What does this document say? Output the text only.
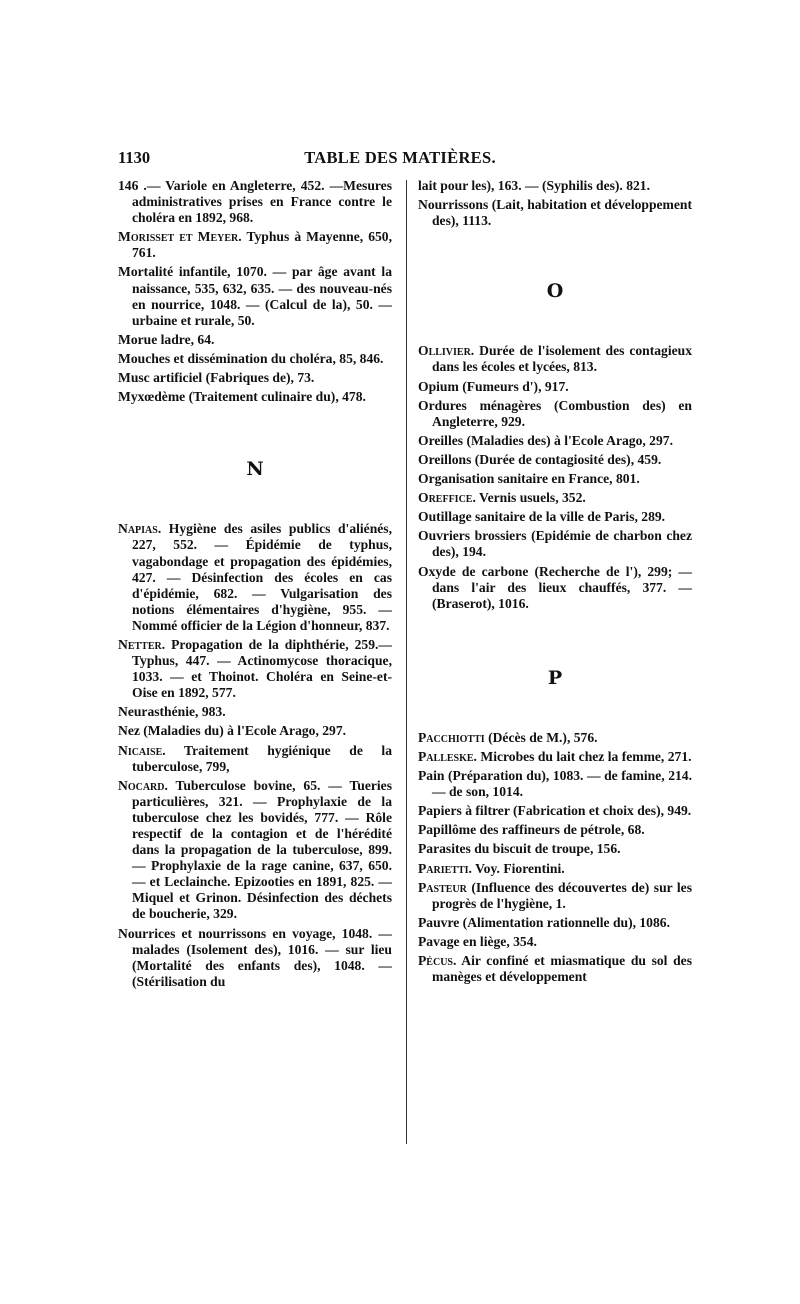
1130	TABLE DES MATIÈRES.
146 .— Variole en Angleterre, 452. —Mesures administratives prises en France contre le choléra en 1892, 968.
Morisset et Meyer. Typhus à Mayenne, 650, 761.
Mortalité infantile, 1070. — par âge avant la naissance, 535, 632, 635. — des nouveau-nés en nourrice, 1048. — (Calcul de la), 50. — urbaine et rurale, 50.
Morue ladre, 64.
Mouches et dissémination du choléra, 85, 846.
Musc artificiel (Fabriques de), 73.
Myxœdème (Traitement culinaire du), 478.
N
Napias. Hygiène des asiles publics d'aliénés, 227, 552. — Épidémie de typhus, vagabondage et propagation des épidémies, 427. — Désinfection des écoles en cas d'épidémie, 682. — Vulgarisation des notions élémentaires d'hygiène, 955. — Nommé officier de la Légion d'honneur, 837.
Netter. Propagation de la diphthérie, 259.— Typhus, 447. — Actinomycose thoracique, 1033. — et Thoinot. Choléra en Seine-et-Oise en 1892, 577.
Neurasthénie, 983.
Nez (Maladies du) à l'Ecole Arago, 297.
Nicaise. Traitement hygiénique de la tuberculose, 799,
Nocard. Tuberculose bovine, 65. — Tueries particulières, 321. — Prophylaxie de la tuberculose chez les bovidés, 777. — Rôle respectif de la contagion et de l'hérédité dans la propagation de la tuberculose, 899. — Prophylaxie de la rage canine, 637, 650. — et Leclainche. Epizooties en 1891, 825. — Miquel et Grinon. Désinfection des déchets de boucherie, 329.
Nourrices et nourrissons en voyage, 1048. — malades (Isolement des), 1016. — sur lieu (Mortalité des enfants des), 1048. —(Stérilisation du
lait pour les), 163. — (Syphilis des). 821.
Nourrissons (Lait, habitation et développement des), 1113.
O
Ollivier. Durée de l'isolement des contagieux dans les écoles et lycées, 813.
Opium (Fumeurs d'), 917.
Ordures ménagères (Combustion des) en Angleterre, 929.
Oreilles (Maladies des) à l'Ecole Arago, 297.
Oreillons (Durée de contagiosité des), 459.
Organisation sanitaire en France, 801.
Oreffice. Vernis usuels, 352.
Outillage sanitaire de la ville de Paris, 289.
Ouvriers brossiers (Epidémie de charbon chez des), 194.
Oxyde de carbone (Recherche de l'), 299; — dans l'air des lieux chauffés, 377. — (Braserot), 1016.
P
Pacchiotti (Décès de M.), 576.
Palleske. Microbes du lait chez la femme, 271.
Pain (Préparation du), 1083. — de famine, 214. — de son, 1014.
Papiers à filtrer (Fabrication et choix des), 949.
Papillôme des raffineurs de pétrole, 68.
Parasites du biscuit de troupe, 156.
Parietti. Voy. Fiorentini.
Pasteur (Influence des découvertes de) sur les progrès de l'hygiène, 1.
Pauvre (Alimentation rationnelle du), 1086.
Pavage en liège, 354.
Pécus. Air confiné et miasmatique du sol des manèges et développement
